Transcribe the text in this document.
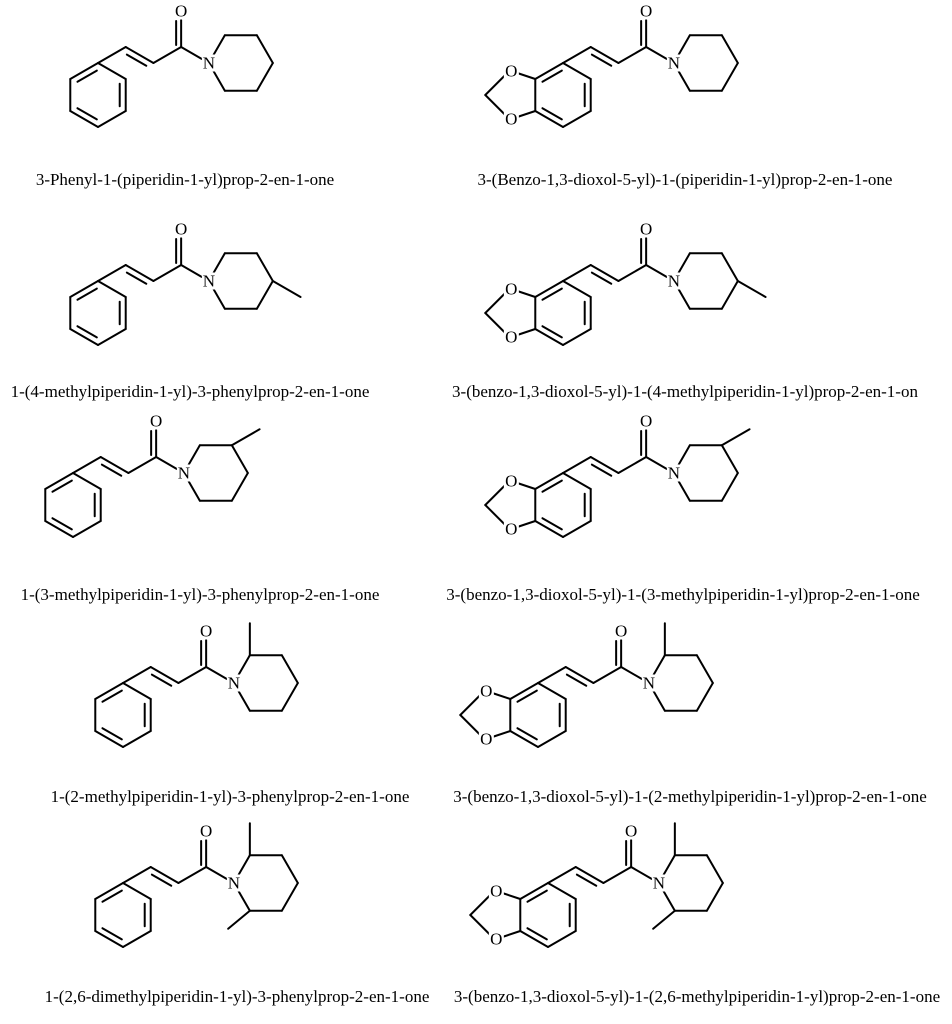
O
N
3-Phenyl-1-(piperidin-1-yl)prop-2-en-1-one
O
O
O
N
3-(Benzo-1,3-dioxol-5-yl)-1-(piperidin-1-yl)prop-2-en-1-one
O
N
1-(4-methylpiperidin-1-yl)-3-phenylprop-2-en-1-one
O
O
O
N
3-(benzo-1,3-dioxol-5-yl)-1-(4-methylpiperidin-1-yl)prop-2-en-1-on
O
N
1-(3-methylpiperidin-1-yl)-3-phenylprop-2-en-1-one
O
O
O
N
3-(benzo-1,3-dioxol-5-yl)-1-(3-methylpiperidin-1-yl)prop-2-en-1-one
O
N
1-(2-methylpiperidin-1-yl)-3-phenylprop-2-en-1-one
O
O
O
N
3-(benzo-1,3-dioxol-5-yl)-1-(2-methylpiperidin-1-yl)prop-2-en-1-one
O
N
1-(2,6-dimethylpiperidin-1-yl)-3-phenylprop-2-en-1-one
O
O
O
N
3-(benzo-1,3-dioxol-5-yl)-1-(2,6-methylpiperidin-1-yl)prop-2-en-1-one
